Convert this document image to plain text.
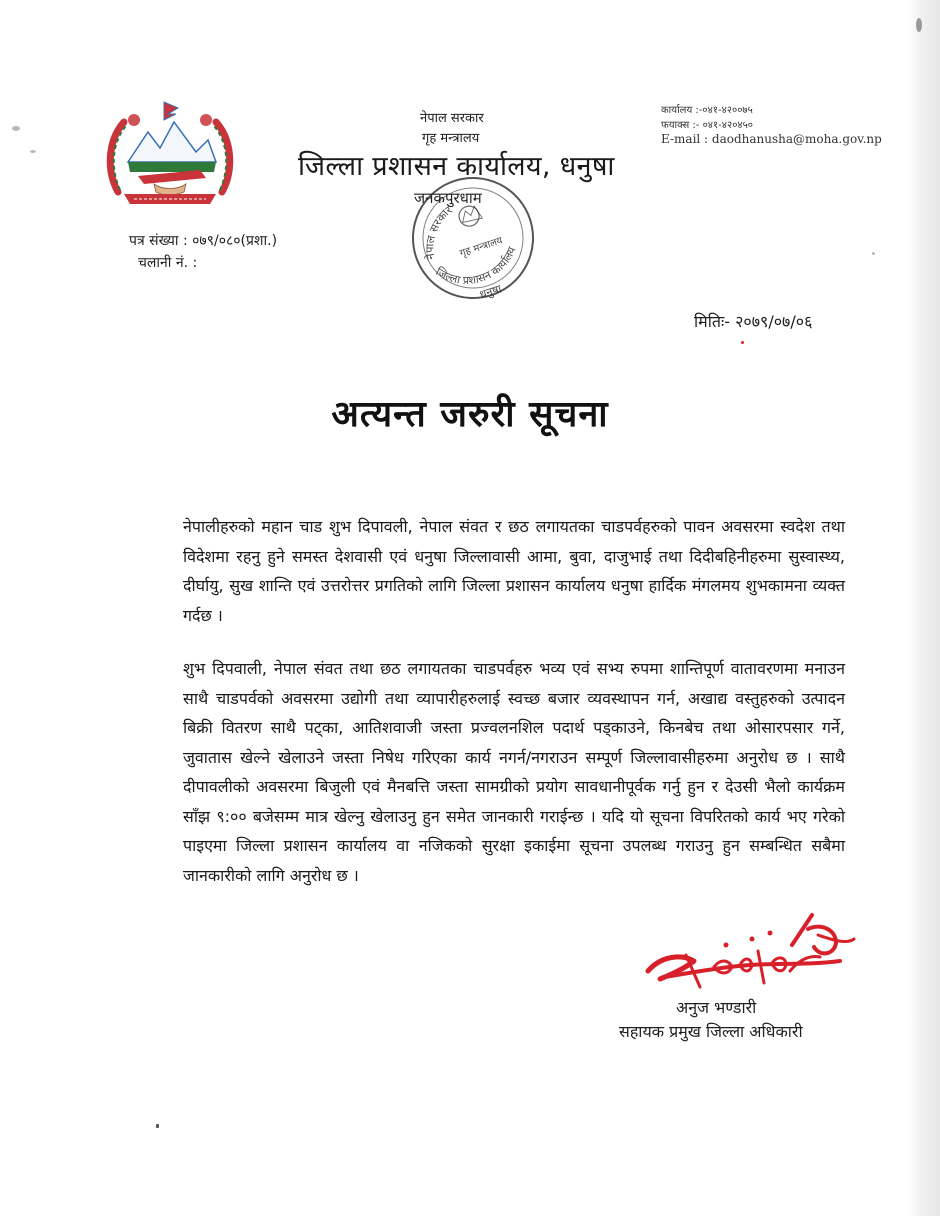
नेपाल सरकार
गृह मन्त्रालय
जिल्ला प्रशासन कार्यालय, धनुषा
जनकपुरधाम
कार्यालय :-०४१-४२००७५
फयाक्स :- ०४१-४२०४५०
E-mail : daodhanusha@moha.gov.np
नेपाल सरकार
गृह मन्त्रालय
जिल्ला प्रशासन कार्यालय
धनुषा
पत्र संख्या : ०७९/०८०(प्रशा.)
चलानी नं. :
मितिः- २०७९/०७/०६
अत्यन्त जरुरी सूचना
नेपालीहरुको महान चाड शुभ दिपावली, नेपाल संवत र छठ लगायतका चाडपर्वहरुको पावन अवसरमा स्वदेश तथा विदेशमा रहनु हुने समस्त देशवासी एवं धनुषा जिल्लावासी आमा, बुवा, दाजुभाई तथा दिदीबहिनीहरुमा सुस्वास्थ्य, दीर्घायु, सुख शान्ति एवं उत्तरोत्तर प्रगतिको लागि जिल्ला प्रशासन कार्यालय धनुषा हार्दिक मंगलमय शुभकामना व्यक्त गर्दछ ।
शुभ दिपवाली, नेपाल संवत तथा छठ लगायतका चाडपर्वहरु भव्य एवं सभ्य रुपमा शान्तिपूर्ण वातावरणमा मनाउन साथै चाडपर्वको अवसरमा उद्योगी तथा व्यापारीहरुलाई स्वच्छ बजार व्यवस्थापन गर्न, अखाद्य वस्तुहरुको उत्पादन बिक्री वितरण साथै पट्का, आतिशवाजी जस्ता प्रज्वलनशिल पदार्थ पड्काउने, किनबेच तथा ओसारपसार गर्ने, जुवातास खेल्ने खेलाउने जस्ता निषेध गरिएका कार्य नगर्न/नगराउन सम्पूर्ण जिल्लावासीहरुमा अनुरोध छ । साथै दीपावलीको अवसरमा बिजुली एवं मैनबत्ति जस्ता सामग्रीको प्रयोग सावधानीपूर्वक गर्नु हुन र देउसी भैलो कार्यक्रम साँझ ९:०० बजेसम्म मात्र खेल्नु खेलाउनु हुन समेत जानकारी गराईन्छ । यदि यो सूचना विपरितको कार्य भए गरेको पाइएमा जिल्ला प्रशासन कार्यालय वा नजिकको सुरक्षा इकाईमा सूचना उपलब्ध गराउनु हुन सम्बन्धित सबैमा जानकारीको लागि अनुरोध छ ।
अनुज भण्डारी
सहायक प्रमुख जिल्ला अधिकारी
